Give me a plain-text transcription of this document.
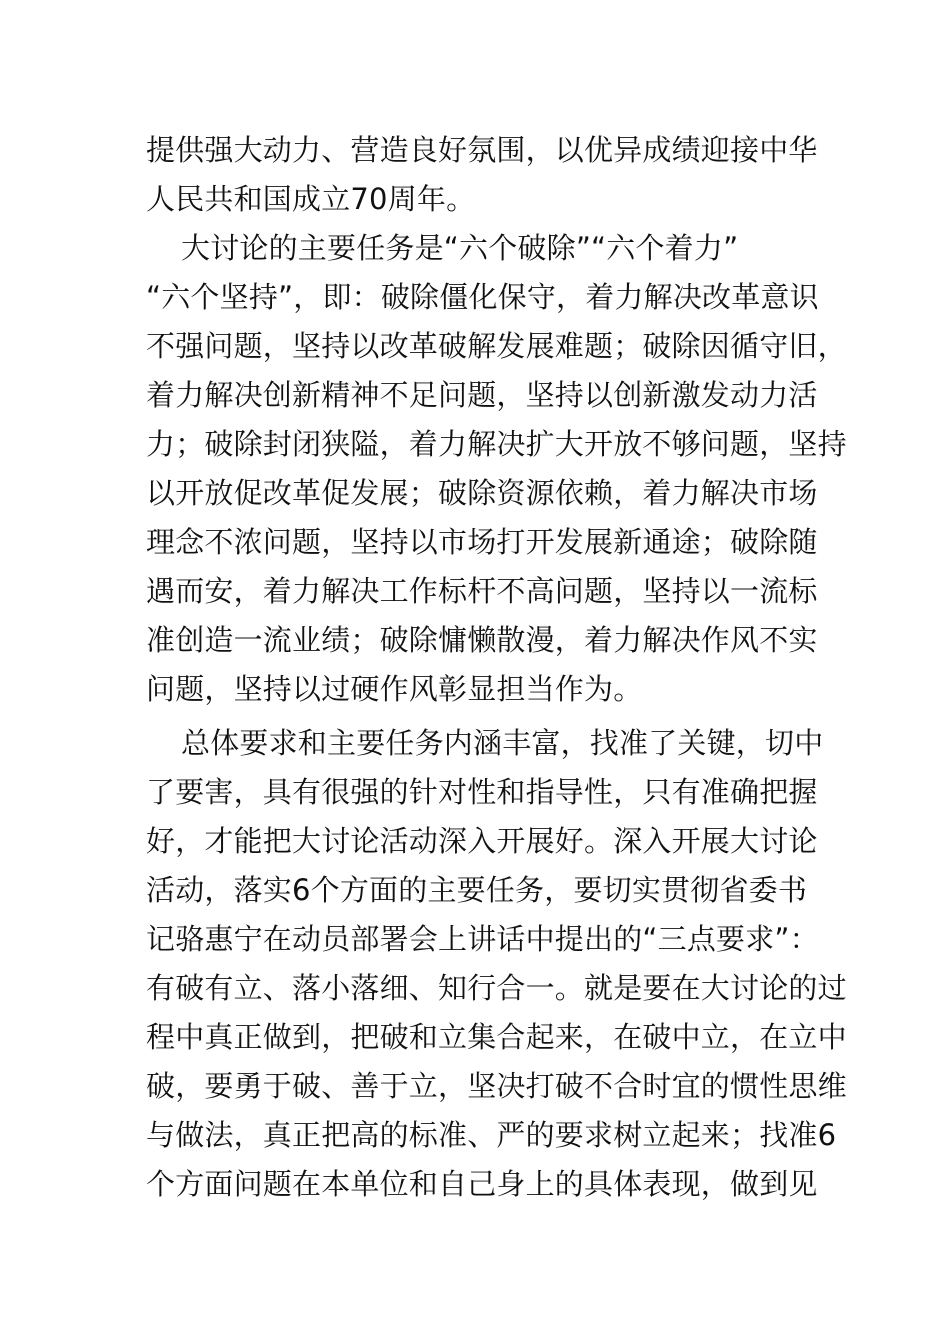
提供强大动力、营造良好氛围，以优异成绩迎接中华
人民共和国成立70周年。
大讨论的主要任务是“六个破除”“六个着力”
“六个坚持”，即：破除僵化保守，着力解决改革意识
不强问题，坚持以改革破解发展难题；破除因循守旧，
着力解决创新精神不足问题，坚持以创新激发动力活
力；破除封闭狭隘，着力解决扩大开放不够问题，坚持
以开放促改革促发展；破除资源依赖，着力解决市场
理念不浓问题，坚持以市场打开发展新通途；破除随
遇而安，着力解决工作标杆不高问题，坚持以一流标
准创造一流业绩；破除慵懒散漫，着力解决作风不实
问题，坚持以过硬作风彰显担当作为。
总体要求和主要任务内涵丰富，找准了关键，切中
了要害，具有很强的针对性和指导性，只有准确把握
好，才能把大讨论活动深入开展好。深入开展大讨论
活动，落实6个方面的主要任务，要切实贯彻省委书
记骆惠宁在动员部署会上讲话中提出的“三点要求”：
有破有立、落小落细、知行合一。就是要在大讨论的过
程中真正做到，把破和立集合起来，在破中立，在立中
破，要勇于破、善于立，坚决打破不合时宜的惯性思维
与做法，真正把高的标准、严的要求树立起来；找准6
个方面问题在本单位和自己身上的具体表现，做到见
